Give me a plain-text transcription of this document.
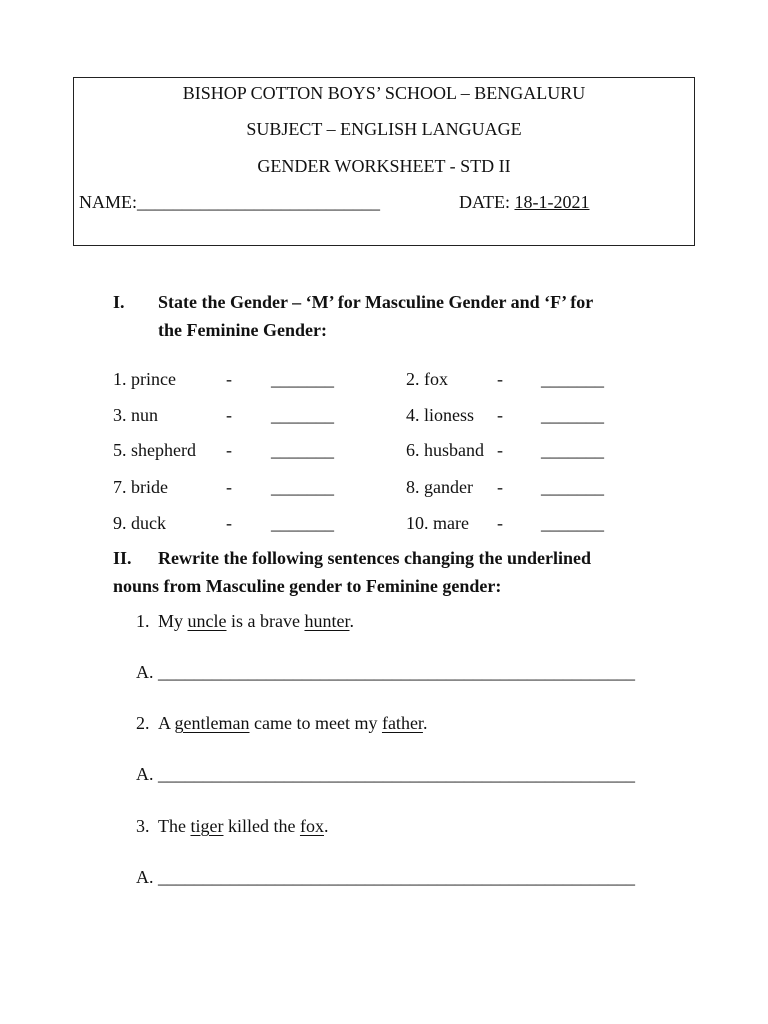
BISHOP COTTON BOYS’ SCHOOL – BENGALURU
SUBJECT – ENGLISH LANGUAGE
GENDER WORKSHEET - STD II
NAME:___________________________	DATE: 18-1-2021
I. State the Gender – ‘M’ for Masculine Gender and ‘F’ for
the Feminine Gender:
1. prince	- _______	2. fox	- _______
3. nun	- _______	4. lioness - _______
5. shepherd - _______	6. husband - _______
7. bride	- _______	8. gander - _______
9. duck	- _______	10. mare - _______
II. Rewrite the following sentences changing the underlined
nouns from Masculine gender to Feminine gender:
1. My uncle is a brave hunter.
A. _____________________________________________________
2. A gentleman came to meet my father.
A. _____________________________________________________
3. The tiger killed the fox.
A. _____________________________________________________
